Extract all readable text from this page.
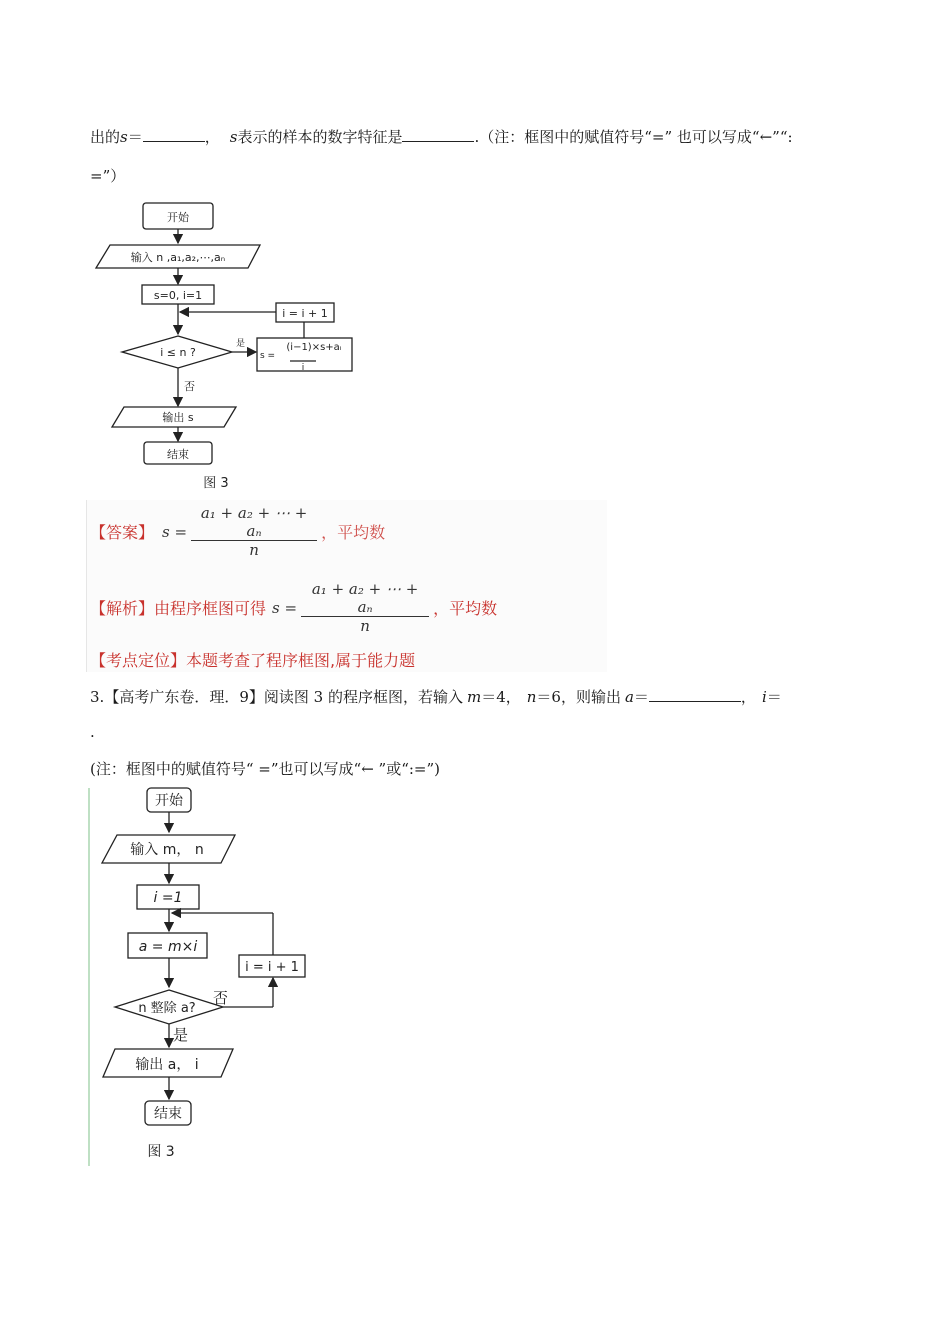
出的s＝	， s表示的样本的数字特征是	.（注：框图中的赋值符号“=” 也可以写成“←”“:
=”）
开始
输入 n ,a₁,a₂,⋯,aₙ
s=0, i=1
i ≤ n ?
是
否
i = i + 1
s =
(i−1)×s+aᵢ
i
输出 s
结束
图 3
【答案】 $s = \frac{\text{a₁ + a₂ + ⋯ + aₙ}}{n}$ ，平均数
【解析】 由程序框图可得 $s = \frac{\text{a₁ + a₂ + ⋯ + aₙ}}{n}$ ，平均数
【考点定位】本题考查了程序框图,属于能力题
3.【高考广东卷．理．9】阅读图 3 的程序框图，若输入 m＝4， n＝6，则输出 a＝	， i＝
.
(注：框图中的赋值符号“ =”也可以写成“← ”或“:=”)
开始
输入 m， n
i =1
a = m×i
i = i + 1
n 整除 a?
否
是
输出 a， i
结束
图 3
